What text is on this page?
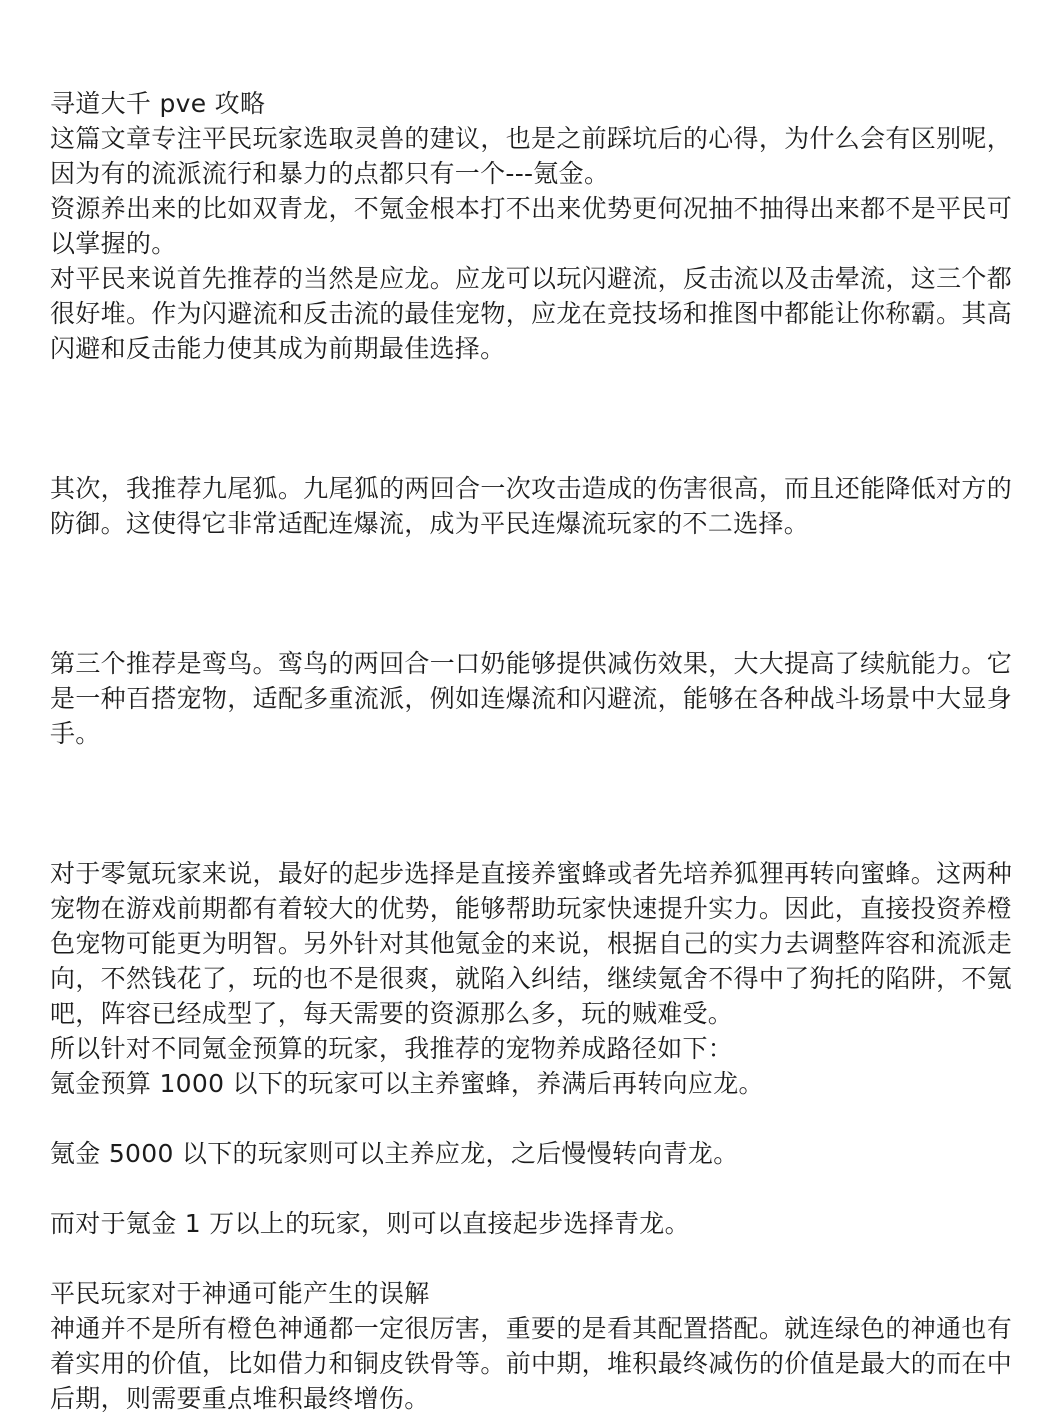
寻道大千 pve 攻略

这篇文章专注平民玩家选取灵兽的建议，也是之前踩坑后的心得，为什么会有区别呢，因为有的流派流行和暴力的点都只有一个---氪金。

资源养出来的比如双青龙，不氪金根本打不出来优势更何况抽不抽得出来都不是平民可以掌握的。

对平民来说首先推荐的当然是应龙。应龙可以玩闪避流，反击流以及击晕流，这三个都很好堆。作为闪避流和反击流的最佳宠物，应龙在竞技场和推图中都能让你称霸。其高闪避和反击能力使其成为前期最佳选择。

其次，我推荐九尾狐。九尾狐的两回合一次攻击造成的伤害很高，而且还能降低对方的防御。这使得它非常适配连爆流，成为平民连爆流玩家的不二选择。

第三个推荐是鸾鸟。鸾鸟的两回合一口奶能够提供减伤效果，大大提高了续航能力。它是一种百搭宠物，适配多重流派，例如连爆流和闪避流，能够在各种战斗场景中大显身手。

对于零氪玩家来说，最好的起步选择是直接养蜜蜂或者先培养狐狸再转向蜜蜂。这两种宠物在游戏前期都有着较大的优势，能够帮助玩家快速提升实力。因此，直接投资养橙色宠物可能更为明智。另外针对其他氪金的来说，根据自己的实力去调整阵容和流派走向，不然钱花了，玩的也不是很爽，就陷入纠结，继续氪舍不得中了狗托的陷阱，不氪吧，阵容已经成型了，每天需要的资源那么多，玩的贼难受。

所以针对不同氪金预算的玩家，我推荐的宠物养成路径如下：

氪金预算 1000 以下的玩家可以主养蜜蜂，养满后再转向应龙。

氪金 5000 以下的玩家则可以主养应龙，之后慢慢转向青龙。

而对于氪金 1 万以上的玩家，则可以直接起步选择青龙。

平民玩家对于神通可能产生的误解

神通并不是所有橙色神通都一定很厉害，重要的是看其配置搭配。就连绿色的神通也有着实用的价值，比如借力和铜皮铁骨等。前中期，堆积最终减伤的价值是最大的而在中后期，则需要重点堆积最终增伤。
